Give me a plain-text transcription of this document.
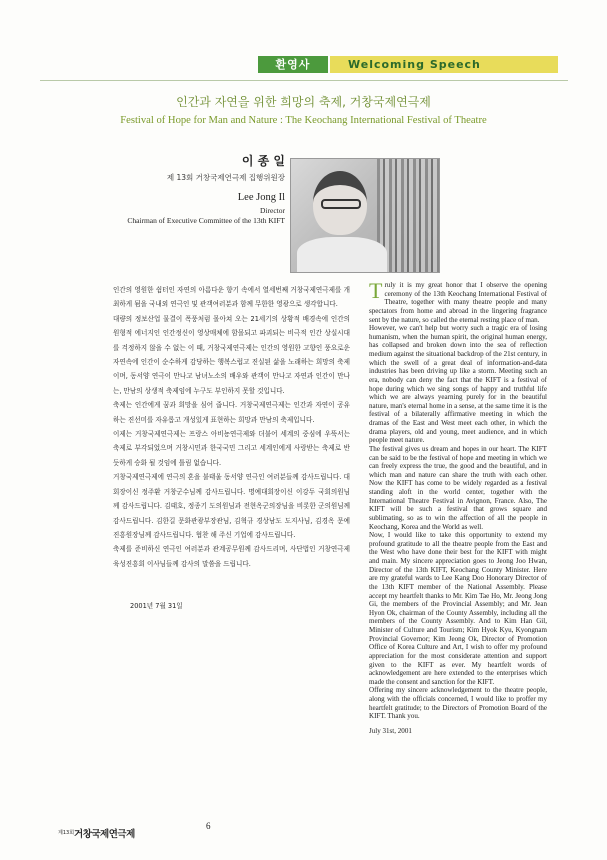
환영사	Welcoming Speech
인간과 자연을 위한 희망의 축제, 거창국제연극제
Festival of Hope for Man and Nature : The Keochang International Festival of Theatre
이 종 일
제 13회 거창국제연극제 집행위원장
Lee Jong Il
Director
Chairman of Executive Committee of the 13th KIFT

인간의 영원한 쉼터인 자연의 아름다운 향기 속에서 열세번째 거창국제연극제를 개최하게 됨을 국내외 연극인 및 관객여러분과 함께 무한한 영광으로 생각합니다.

대량의 정보산업 물결이 폭풍처럼 몰아쳐 오는 21세기의 상황적 배경속에 인간의 원형적 에너지인 인간정신이 영상매체에 함몰되고 파괴되는 비극적 인간 상실시대를 걱정하지 않을 수 없는 이 때, 거창국제연극제는 인간의 영원한 고향인 풍요로운 자연속에 인간이 순수하게 감당하는 행복스럽고 진실된 삶을 노래하는 희망의 축제이며, 동서양 연극이 만나고 남녀노소의 배우와 관객이 만나고 자연과 인간이 만나는, 만남의 상생적 축제임에 누구도 부인하지 못할 것입니다.

축제는 인간에게 꿈과 희망을 심어 줍니다. 거창국제연극제는 인간과 자연이 공유하는 진선미를 자유롭고 개성있게 표현하는 희망과 만남의 축제입니다.

이제는 거창국제연극제는 프랑스 아비뇽연극제와 더불어 세계의 중심에 우뚝서는 축제로 부각되었으며 거창시민과 한국국민 그리고 세계인에게 사랑받는 축제로 반듯하게 승화 될 것임에 틀림 없습니다.

거창국제연극제에 연극의 혼을 불태울 동서양 연극인 여러분들께 감사드립니다. 대회장이신 정주환 거창군수님께 감사드립니다. 명예대회장이신 이강두 국회의원님께 감사드립니다. 김태호, 정종기 도의원님과 전현옥군의장님을 비롯한 군의원님께 감사드립니다. 김한길 문화관광부장관님, 김혁규 경상남도 도지사님, 김경옥 문예진흥원장님께 감사드립니다. 협찬 해 주신 기업에 감사드립니다.

축제를 준비하신 연극인 여러분과 관계공무원께 감사드리며, 사단법인 거창연극제 육성진흥회 이사님들께 감사의 말씀을 드립니다.

2001년 7월 31일
T ruly it is my great honor that I observe the opening ceremony of the 13th Keochang International Festival of Theatre, together with many theatre people and many spectators from home and abroad in the lingering fragrance sent by the nature, so called the eternal resting place of man.

However, we can't help but worry such a tragic era of losing humanism, when the human spirit, the original human energy, has collapsed and broken down into the sea of reflection medium against the situational backdrop of the 21st century, in which the swell of a great deal of information-and-data industries has been driving up like a storm. Meeting such an era, nobody can deny the fact that the KIFT is a festival of hope during which we sing songs of happy and truthful life which we are always yearning purely for in the beautiful nature, man's eternal home in a sense, at the same time it is the festival of a bilaterally affirmative meeting in which the dramas of the East and West meet each other, in which the drama players, old and young, meet audience, and in which people meet nature.

The festival gives us dream and hopes in our heart. The KIFT can be said to be the festival of hope and meeting in which we can freely express the true, the good and the beautiful, and in which man and nature can share the truth with each other. Now the KIFT has come to be widely regarded as a festival standing aloft in the world center, together with the International Theatre Festival in Avignon, France. Also, The KIFT will be such a festival that grows square and sublimating, so as to win the affection of all the people in Keochang, Korea and the World as well.

Now, I would like to take this opportunity to extend my profound gratitude to all the theatre people from the East and the West who have done their best for the KIFT with might and main. My sincere appreciation goes to Jeong Joo Hwan, Director of the 13th KIFT, Keochang County Minister. Here are my grateful wards to Lee Kang Doo Honorary Director of the 13th KIFT member of the National Assembly. Please accept my heartfelt thanks to Mr. Kim Tae Ho, Mr. Jeong Jong Gi, the members of the Provincial Assembly; and Mr. Jean Hyon Ok, chairman of the County Assembly, including all the members of the County Assembly. And to Kim Han Gil, Minister of Culture and Tourism; Kim Hyok Kyu, Kyongnam Provincial Governor; Kim Jeong Ok, Director of Promotion Office of Korea Culture and Art, I wish to offer my profound appreciation for the most considerate attention and support given to the KIFT as ever. My heartfelt words of acknowledgement are here extended to the enterprises which made the consent and sanction for the KIFT.

Offering my sincere acknowledgement to the theatre people, along with the officials concerned, I would like to proffer my heartfelt gratitude; to the Directors of Promotion Board of the KIFT. Thank you.

July 31st, 2001

제13회거창국제연극제
6
